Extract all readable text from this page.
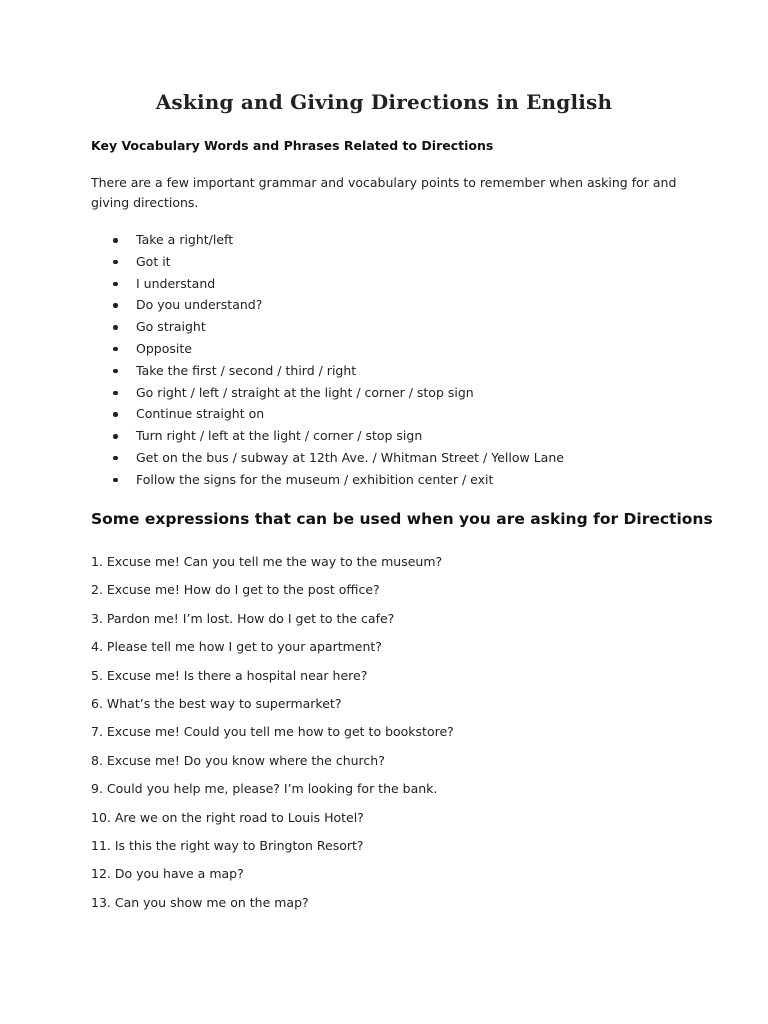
Asking and Giving Directions in English
Key Vocabulary Words and Phrases Related to Directions
There are a few important grammar and vocabulary points to remember when asking for and giving directions.
Take a right/left
Got it
I understand
Do you understand?
Go straight
Opposite
Take the first / second / third / right
Go right / left / straight at the light / corner / stop sign
Continue straight on
Turn right / left at the light / corner / stop sign
Get on the bus / subway at 12th Ave. / Whitman Street / Yellow Lane
Follow the signs for the museum / exhibition center / exit
Some expressions that can be used when you are asking for Directions
1. Excuse me! Can you tell me the way to the museum?
2. Excuse me! How do I get to the post office?
3. Pardon me! I’m lost. How do I get to the cafe?
4. Please tell me how I get to your apartment?
5. Excuse me! Is there a hospital near here?
6. What’s the best way to supermarket?
7. Excuse me! Could you tell me how to get to bookstore?
8. Excuse me! Do you know where the church?
9. Could you help me, please? I’m looking for the bank.
10. Are we on the right road to Louis Hotel?
11. Is this the right way to Brington Resort?
12. Do you have a map?
13. Can you show me on the map?
